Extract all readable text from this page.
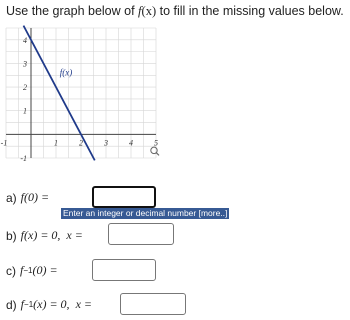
Use the graph below of f(x) to fill in the missing values below.
-1	1	2	3	4	5
4
3
2
1
-1
f(x)
a) f(0) =
Enter an integer or decimal number [more..]
b) f(x) = 0, x =
c) f −1 (0) =
d) f −1 (x) = 0, x =
